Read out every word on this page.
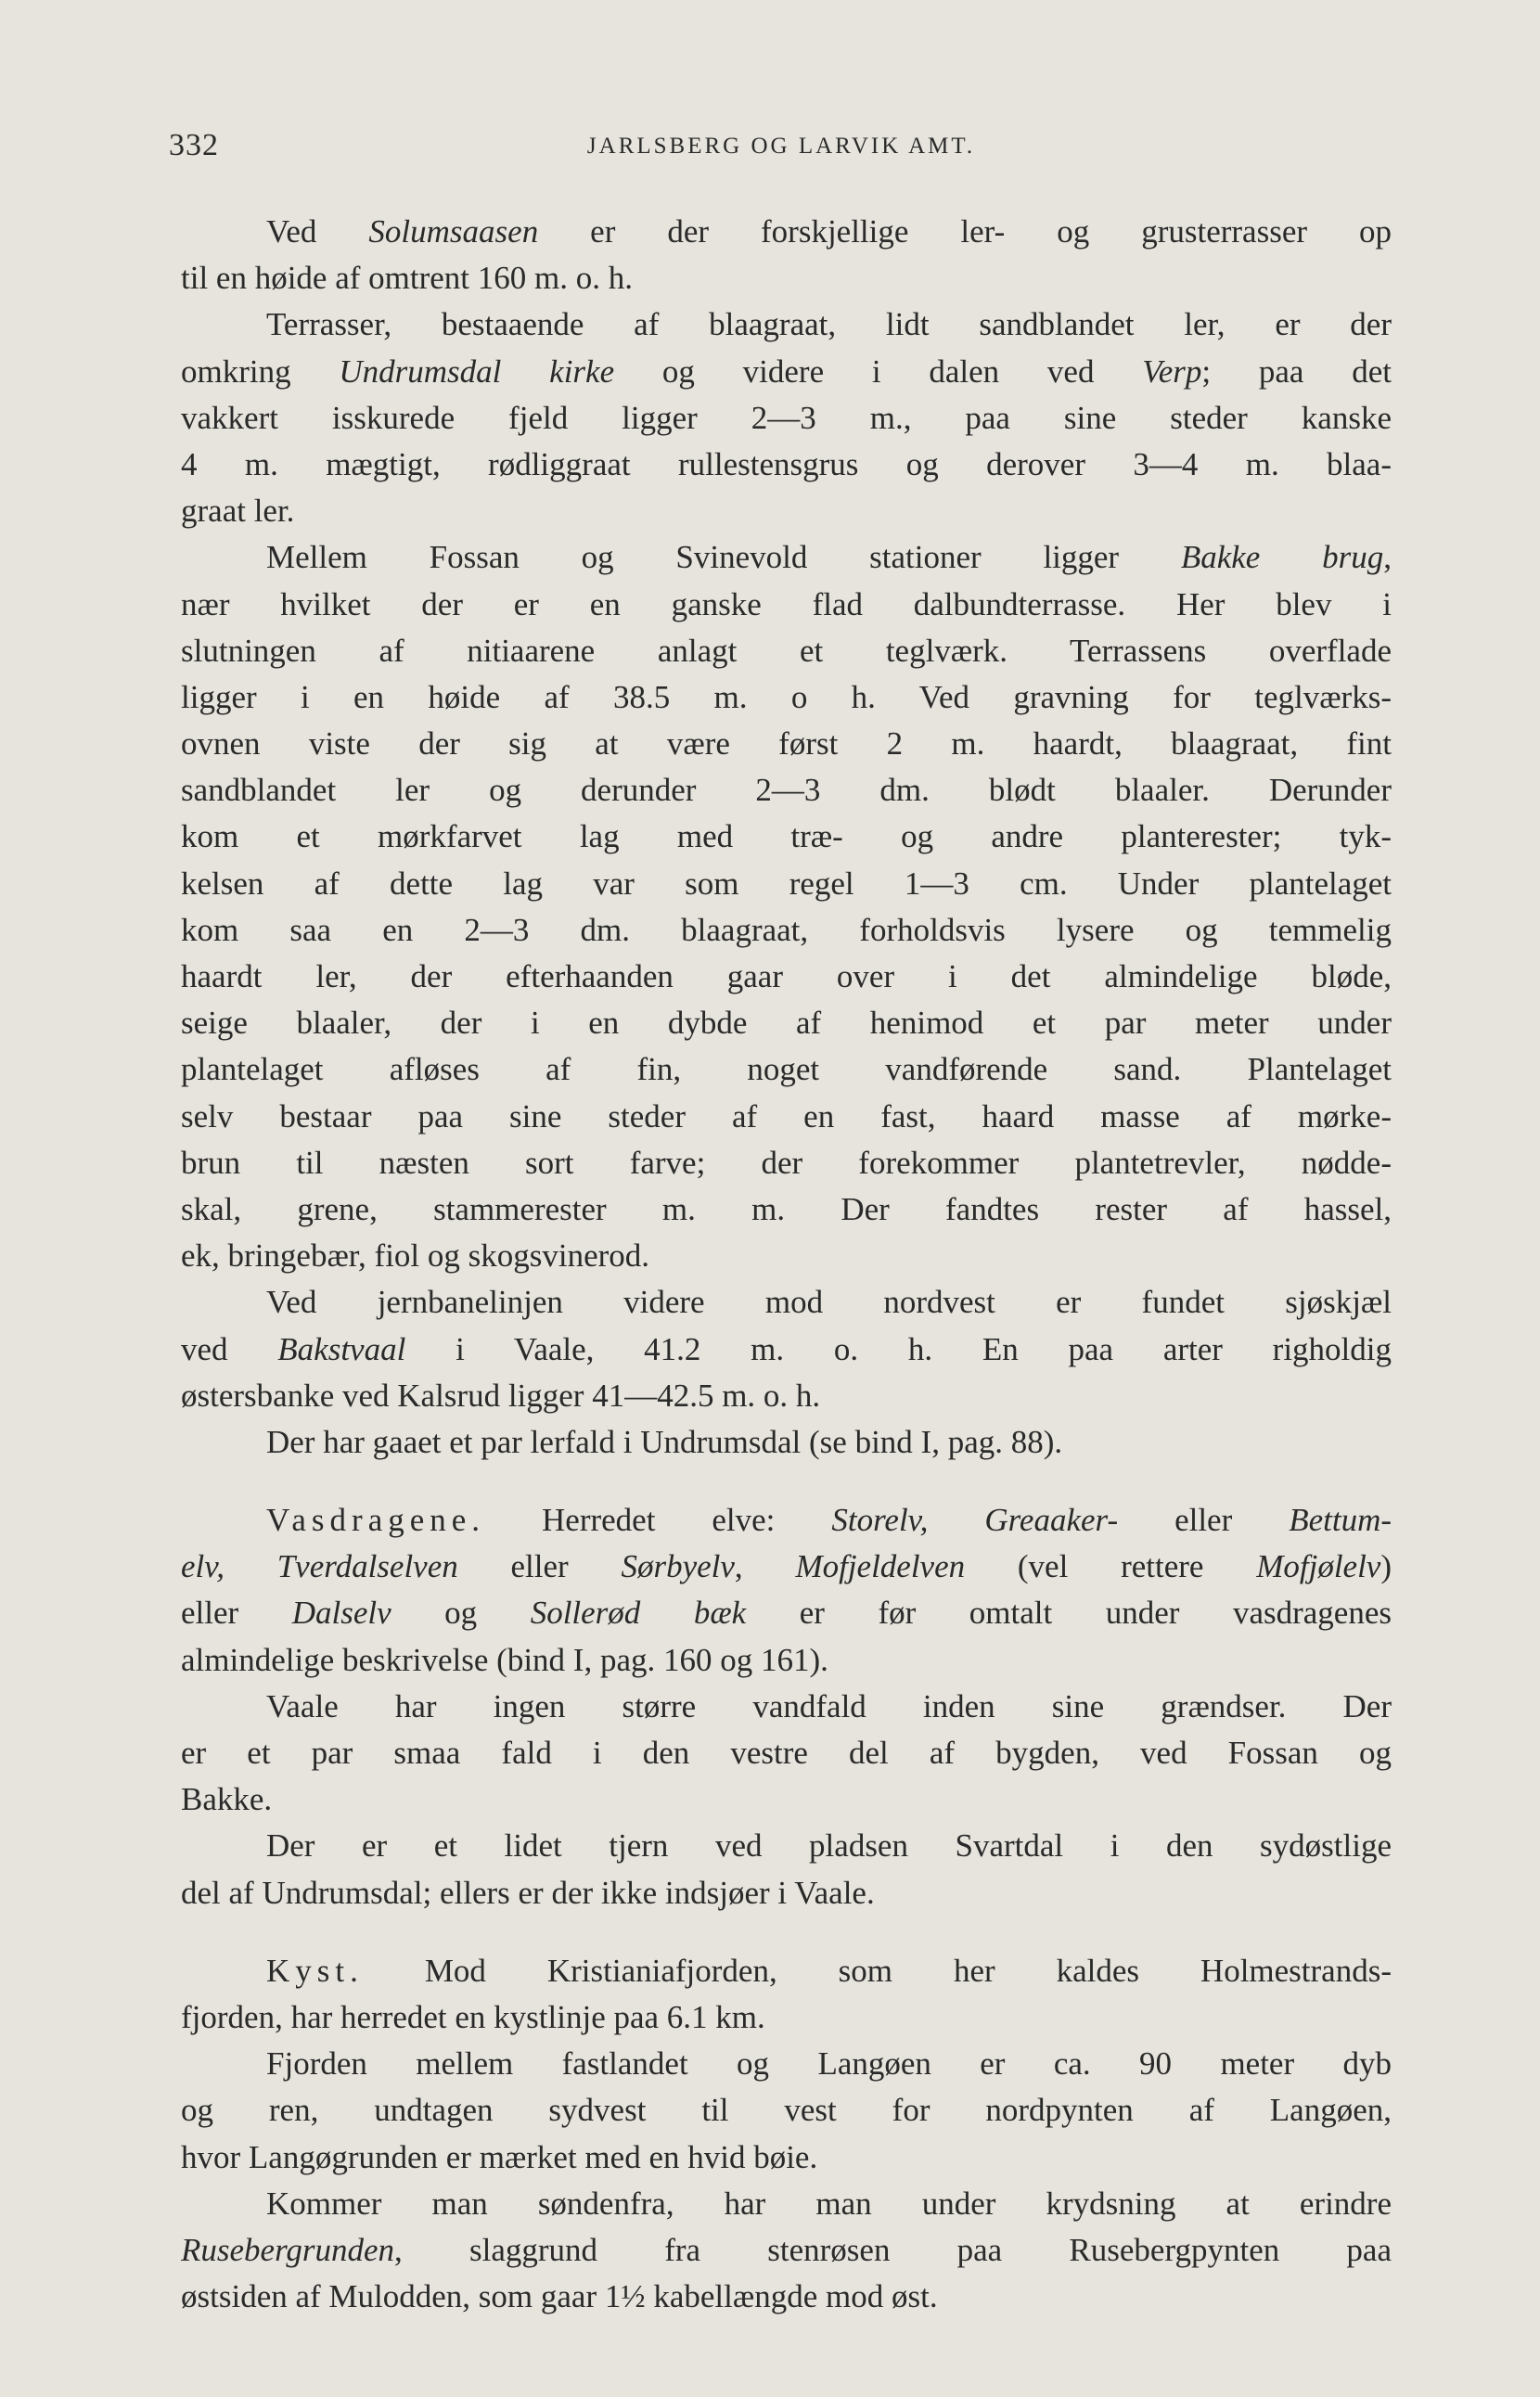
332	JARLSBERG OG LARVIK AMT.
Ved Solumsaasen er der forskjellige ler- og grusterrasser op
til en høide af omtrent 160 m. o. h.
Terrasser, bestaaende af blaagraat, lidt sandblandet ler, er der
omkring Undrumsdal kirke og videre i dalen ved Verp; paa det
vakkert isskurede fjeld ligger 2—3 m., paa sine steder kanske
4 m. mægtigt, rødliggraat rullestensgrus og derover 3—4 m. blaa-
graat ler.
Mellem Fossan og Svinevold stationer ligger Bakke brug,
nær hvilket der er en ganske flad dalbundterrasse. Her blev i
slutningen af nitiaarene anlagt et teglværk. Terrassens overflade
ligger i en høide af 38.5 m. o h. Ved gravning for teglværks-
ovnen viste der sig at være først 2 m. haardt, blaagraat, fint
sandblandet ler og derunder 2—3 dm. blødt blaaler. Derunder
kom et mørkfarvet lag med træ- og andre planterester; tyk-
kelsen af dette lag var som regel 1—3 cm. Under plantelaget
kom saa en 2—3 dm. blaagraat, forholdsvis lysere og temmelig
haardt ler, der efterhaanden gaar over i det almindelige bløde,
seige blaaler, der i en dybde af henimod et par meter under
plantelaget afløses af fin, noget vandførende sand. Plantelaget
selv bestaar paa sine steder af en fast, haard masse af mørke-
brun til næsten sort farve; der forekommer plantetrevler, nødde-
skal, grene, stammerester m. m. Der fandtes rester af hassel,
ek, bringebær, fiol og skogsvinerod.
Ved jernbanelinjen videre mod nordvest er fundet sjøskjæl
ved Bakstvaal i Vaale, 41.2 m. o. h. En paa arter righoldig
østersbanke ved Kalsrud ligger 41—42.5 m. o. h.
Der har gaaet et par lerfald i Undrumsdal (se bind I, pag. 88).
Vasdragene. Herredet elve: Storelv, Greaaker- eller Bettum-
elv, Tverdalselven eller Sørbyelv, Mofjeldelven (vel rettere Mofjølelv)
eller Dalselv og Sollerød bæk er før omtalt under vasdragenes
almindelige beskrivelse (bind I, pag. 160 og 161).
Vaale har ingen større vandfald inden sine grændser. Der
er et par smaa fald i den vestre del af bygden, ved Fossan og
Bakke.
Der er et lidet tjern ved pladsen Svartdal i den sydøstlige
del af Undrumsdal; ellers er der ikke indsjøer i Vaale.
Kyst. Mod Kristianiafjorden, som her kaldes Holmestrands-
fjorden, har herredet en kystlinje paa 6.1 km.
Fjorden mellem fastlandet og Langøen er ca. 90 meter dyb
og ren, undtagen sydvest til vest for nordpynten af Langøen,
hvor Langøgrunden er mærket med en hvid bøie.
Kommer man søndenfra, har man under krydsning at erindre
Rusebergrunden, slaggrund fra stenrøsen paa Rusebergpynten paa
østsiden af Mulodden, som gaar 1½ kabellængde mod øst.
